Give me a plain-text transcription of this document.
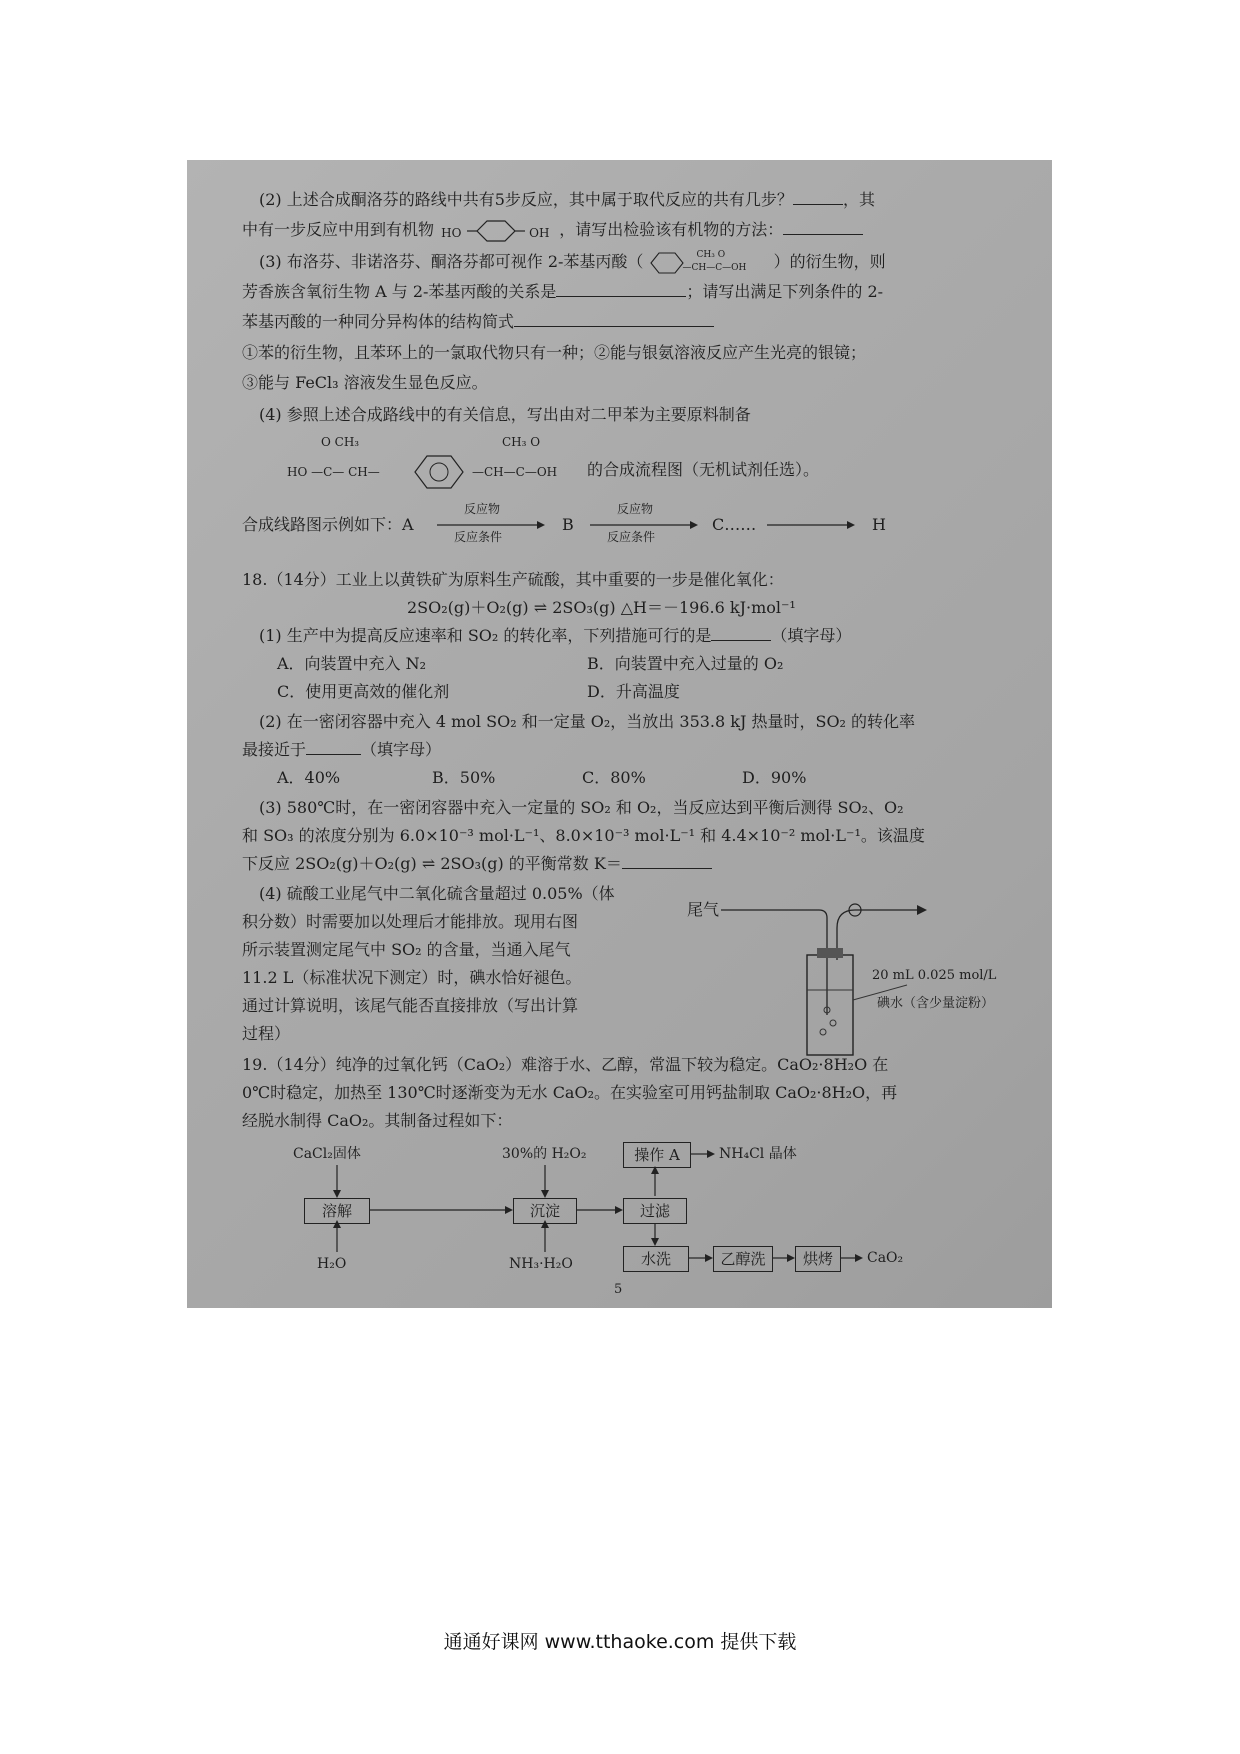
(2) 上述合成酮洛芬的路线中共有5步反应，其中属于取代反应的共有几步？	，其
中有一步反应中用到有机物 HO	OH ，请写出检验该有机物的方法：
(3) 布洛芬、非诺洛芬、酮洛芬都可视作 2-苯基丙酸（	CH₃ O
—CH—C—OH ）的衍生物，则
芳香族含氧衍生物 A 与 2-苯基丙酸的关系是	；请写出满足下列条件的 2-
苯基丙酸的一种同分异构体的结构简式
①苯的衍生物，且苯环上的一氯取代物只有一种；②能与银氨溶液反应产生光亮的银镜；
③能与 FeCl₃ 溶液发生显色反应。
(4) 参照上述合成路线中的有关信息，写出由对二甲苯为主要原料制备
O CH₃	CH₃ O
HO —C— CH—	—CH—C—OH 的合成流程图（无机试剂任选）。
合成线路图示例如下：A
反应物
反应条件
B
反应物
反应条件
C……	H
18.（14分）工业上以黄铁矿为原料生产硫酸，其中重要的一步是催化氧化：
2SO₂(g)＋O₂(g) ⇌ 2SO₃(g) △H＝－196.6 kJ·mol⁻¹
(1) 生产中为提高反应速率和 SO₂ 的转化率，下列措施可行的是	（填字母）
A．向装置中充入 N₂	B．向装置中充入过量的 O₂
C．使用更高效的催化剂	D．升高温度
(2) 在一密闭容器中充入 4 mol SO₂ 和一定量 O₂，当放出 353.8 kJ 热量时，SO₂ 的转化率
最接近于	（填字母）
A．40%	B．50%	C．80%	D．90%
(3) 580℃时，在一密闭容器中充入一定量的 SO₂ 和 O₂，当反应达到平衡后测得 SO₂、O₂
和 SO₃ 的浓度分别为 6.0×10⁻³ mol·L⁻¹、8.0×10⁻³ mol·L⁻¹ 和 4.4×10⁻² mol·L⁻¹。该温度
下反应 2SO₂(g)＋O₂(g) ⇌ 2SO₃(g) 的平衡常数 K＝
(4) 硫酸工业尾气中二氧化硫含量超过 0.05%（体
积分数）时需要加以处理后才能排放。现用右图
所示装置测定尾气中 SO₂ 的含量，当通入尾气
11.2 L（标准状况下测定）时，碘水恰好褪色。
通过计算说明，该尾气能否直接排放（写出计算
过程）
尾气
20 mL 0.025 mol/L
碘水（含少量淀粉）
19.（14分）纯净的过氧化钙（CaO₂）难溶于水、乙醇，常温下较为稳定。CaO₂·8H₂O 在
0℃时稳定，加热至 130℃时逐渐变为无水 CaO₂。在实验室可用钙盐制取 CaO₂·8H₂O，再
经脱水制得 CaO₂。其制备过程如下：
CaCl₂固体	30%的 H₂O₂	操作 A	NH₄Cl 晶体
溶解	沉淀	过滤
H₂O	NH₃·H₂O	水洗	乙醇洗	烘烤	CaO₂
5
通通好课网 www.tthaoke.com 提供下载
